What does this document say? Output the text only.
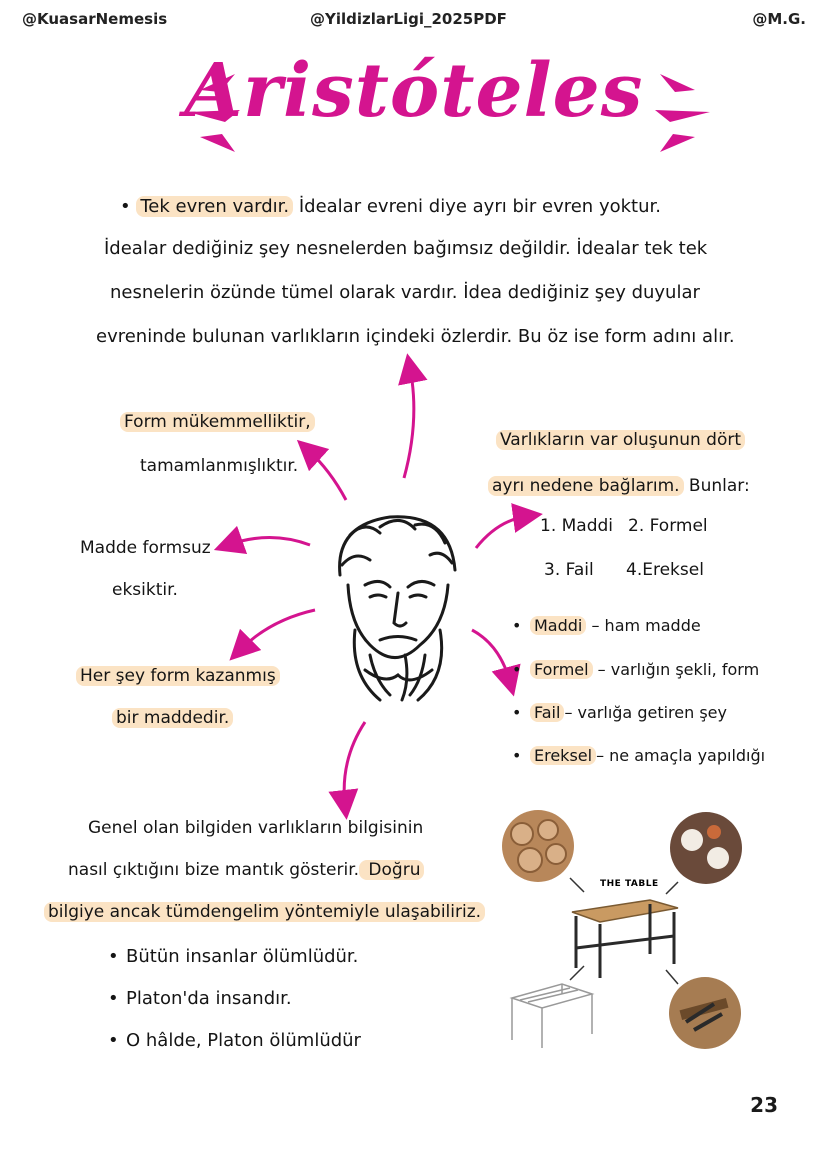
@KuasarNemesis	@YildizlarLigi_2025PDF	@M.G.
Aristóteles
• Tek evren vardır. İdealar evreni diye ayrı bir evren yoktur.
İdealar dediğiniz şey nesnelerden bağımsız değildir. İdealar tek tek
nesnelerin özünde tümel olarak vardır. İdea dediğiniz şey duyular
evreninde bulunan varlıkların içindeki özlerdir. Bu öz ise form adını alır.
Form mükemmelliktir,
tamamlanmışlıktır.
Madde formsuz
eksiktir.
Her şey form kazanmış
bir maddedir.
Varlıkların var oluşunun dört
ayrı nedene bağlarım. Bunlar:
1. Maddi 2. Formel
3. Fail 4.Ereksel
• Maddi – ham madde
• Formel – varlığın şekli, form
• Fail – varlığa getiren şey
• Ereksel – ne amaçla yapıldığı
Genel olan bilgiden varlıkların bilgisinin
nasıl çıktığını bize mantık gösterir. Doğru
bilgiye ancak tümdengelim yöntemiyle ulaşabiliriz.
• Bütün insanlar ölümlüdür.
• Platon'da insandır.
• O hâlde, Platon ölümlüdür
THE TABLE
23
